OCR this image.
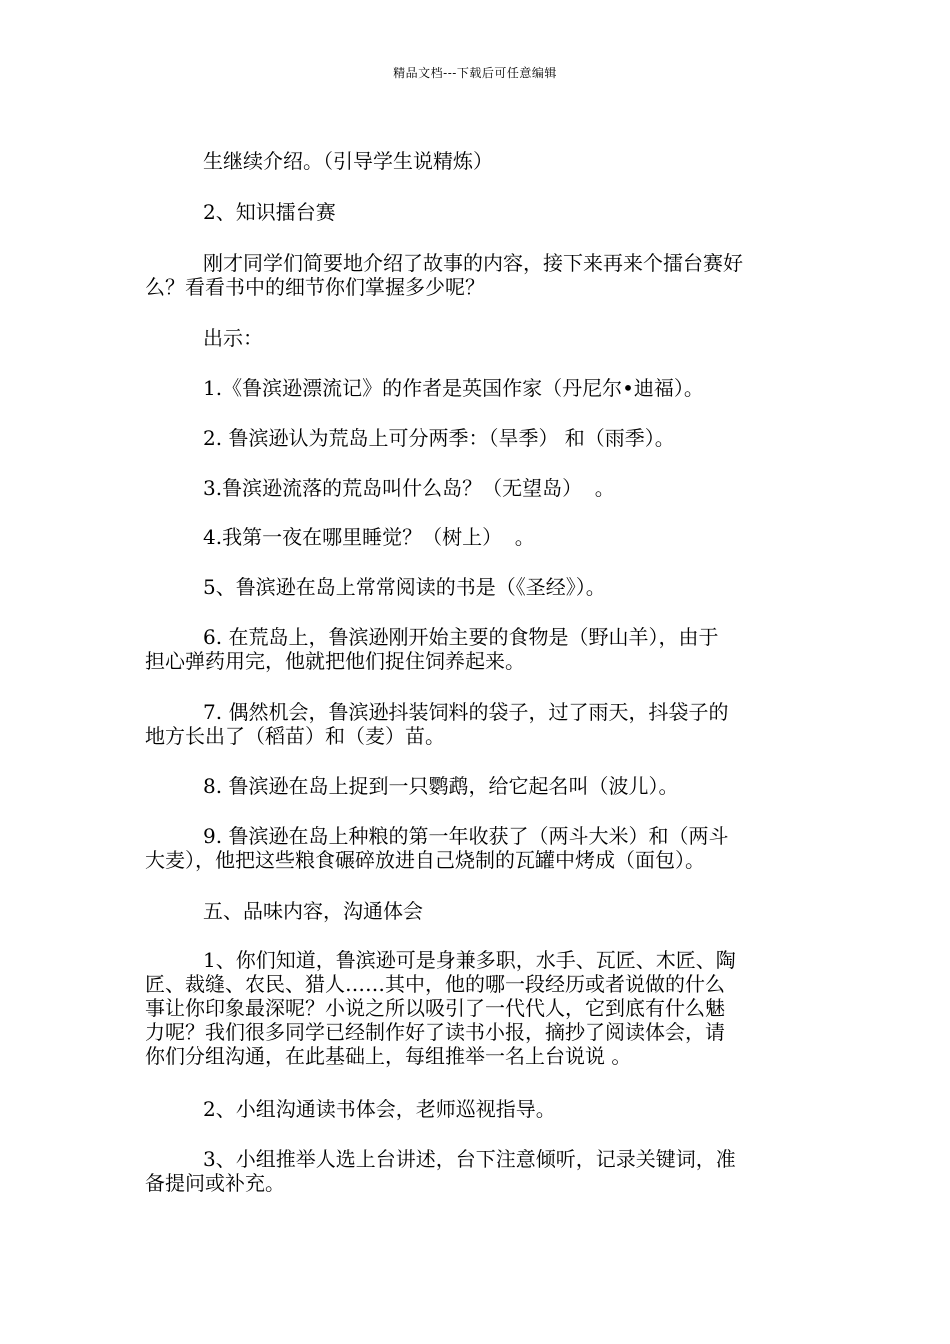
精品文档---下载后可任意编辑

生继续介绍。（引导学生说精炼）

2、知识擂台赛

刚才同学们简要地介绍了故事的内容，接下来再来个擂台赛好
么？看看书中的细节你们掌握多少呢？

出示：

1.《鲁滨逊漂流记》的作者是英国作家（丹尼尔•迪福）。

2. 鲁滨逊认为荒岛上可分两季：（旱季） 和（雨季）。

3.鲁滨逊流落的荒岛叫什么岛？（无望岛）  。

4.我第一夜在哪里睡觉？（树上）  。

5、鲁滨逊在岛上常常阅读的书是（《圣经》）。

6. 在荒岛上，鲁滨逊刚开始主要的食物是（野山羊），由于
担心弹药用完，他就把他们捉住饲养起来。

7. 偶然机会，鲁滨逊抖装饲料的袋子，过了雨天，抖袋子的
地方长出了（稻苗）和（麦）苗。

8. 鲁滨逊在岛上捉到一只鹦鹉，给它起名叫（波儿）。

9. 鲁滨逊在岛上种粮的第一年收获了（两斗大米）和（两斗
大麦），他把这些粮食碾碎放进自己烧制的瓦罐中烤成（面包）。

五、品味内容，沟通体会

1、你们知道，鲁滨逊可是身兼多职，水手、瓦匠、木匠、陶
匠、裁缝、农民、猎人……其中，他的哪一段经历或者说做的什么
事让你印象最深呢？小说之所以吸引了一代代人，它到底有什么魅
力呢？我们很多同学已经制作好了读书小报，摘抄了阅读体会，请
你们分组沟通，在此基础上，每组推举一名上台说说 。

2、小组沟通读书体会，老师巡视指导。

3、小组推举人选上台讲述，台下注意倾听，记录关键词，准
备提问或补充。
